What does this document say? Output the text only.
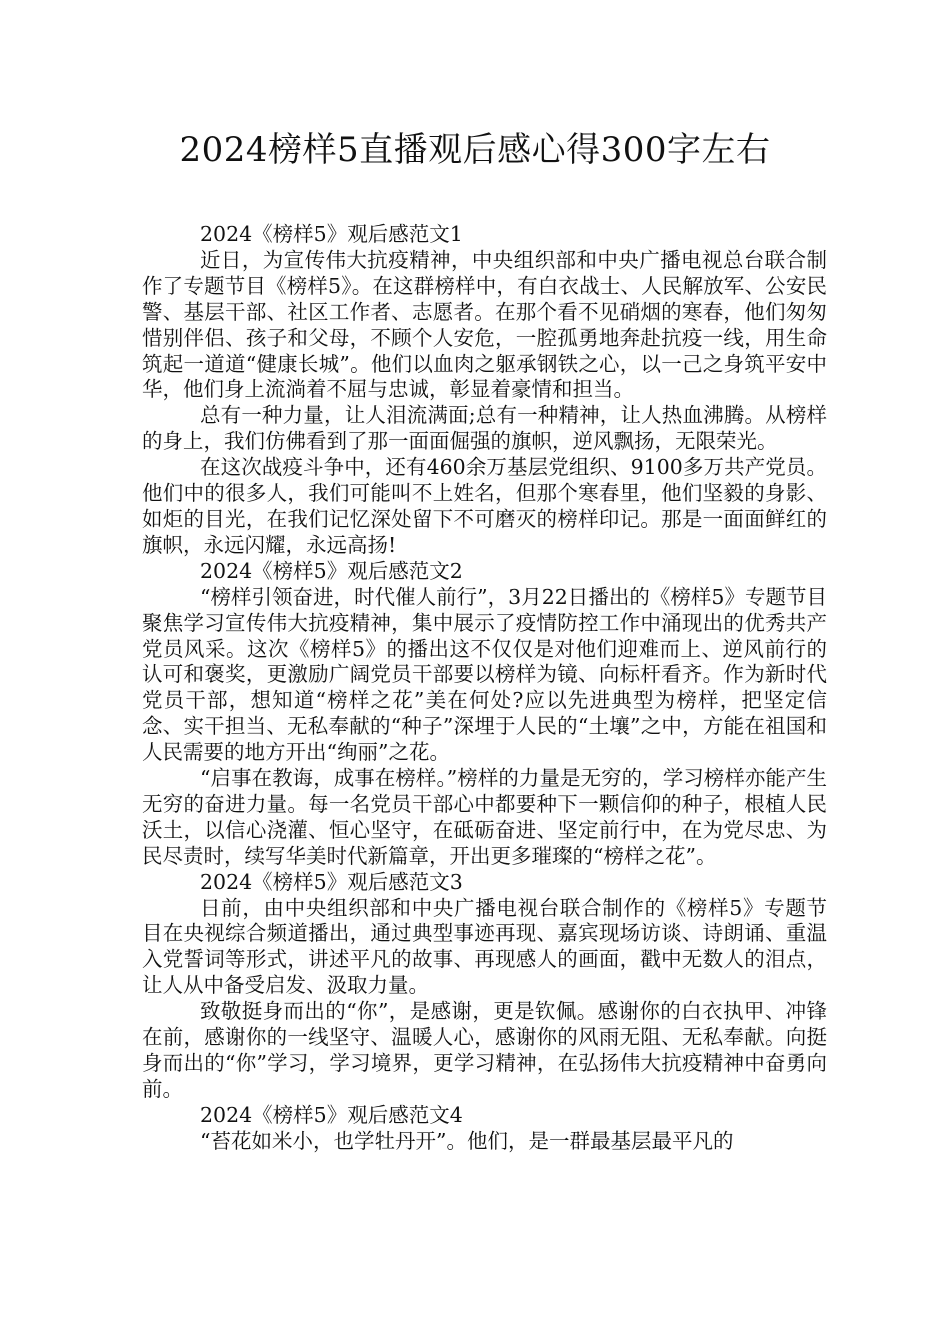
2024榜样5直播观后感心得300字左右

2024《榜样5》观后感范文1

近日，为宣传伟大抗疫精神，中央组织部和中央广播电视总台联合制作了专题节目《榜样5》。在这群榜样中，有白衣战士、人民解放军、公安民警、基层干部、社区工作者、志愿者。在那个看不见硝烟的寒春，他们匆匆惜别伴侣、孩子和父母，不顾个人安危，一腔孤勇地奔赴抗疫一线，用生命筑起一道道“健康长城”。他们以血肉之躯承钢铁之心，以一己之身筑平安中华，他们身上流淌着不屈与忠诚，彰显着豪情和担当。

总有一种力量，让人泪流满面;总有一种精神，让人热血沸腾。从榜样的身上，我们仿佛看到了那一面面倔强的旗帜，逆风飘扬，无限荣光。

在这次战疫斗争中，还有460余万基层党组织、9100多万共产党员。他们中的很多人，我们可能叫不上姓名，但那个寒春里，他们坚毅的身影、如炬的目光，在我们记忆深处留下不可磨灭的榜样印记。那是一面面鲜红的旗帜，永远闪耀，永远高扬!

2024《榜样5》观后感范文2

“榜样引领奋进，时代催人前行”，3月22日播出的《榜样5》专题节目聚焦学习宣传伟大抗疫精神，集中展示了疫情防控工作中涌现出的优秀共产党员风采。这次《榜样5》的播出这不仅仅是对他们迎难而上、逆风前行的认可和褒奖，更激励广阔党员干部要以榜样为镜、向标杆看齐。作为新时代党员干部，想知道“榜样之花”美在何处?应以先进典型为榜样，把坚定信念、实干担当、无私奉献的“种子”深埋于人民的“土壤”之中，方能在祖国和人民需要的地方开出“绚丽”之花。

“启事在教诲，成事在榜样。”榜样的力量是无穷的，学习榜样亦能产生无穷的奋进力量。每一名党员干部心中都要种下一颗信仰的种子，根植人民沃土，以信心浇灌、恒心坚守，在砥砺奋进、坚定前行中，在为党尽忠、为民尽责时，续写华美时代新篇章，开出更多璀璨的“榜样之花”。

2024《榜样5》观后感范文3

日前，由中央组织部和中央广播电视台联合制作的《榜样5》专题节目在央视综合频道播出，通过典型事迹再现、嘉宾现场访谈、诗朗诵、重温入党誓词等形式，讲述平凡的故事、再现感人的画面，戳中无数人的泪点，让人从中备受启发、汲取力量。

致敬挺身而出的“你”，是感谢，更是钦佩。感谢你的白衣执甲、冲锋在前，感谢你的一线坚守、温暖人心，感谢你的风雨无阻、无私奉献。向挺身而出的“你”学习，学习境界，更学习精神，在弘扬伟大抗疫精神中奋勇向前。

2024《榜样5》观后感范文4

“苔花如米小，也学牡丹开”。他们，是一群最基层最平凡的
